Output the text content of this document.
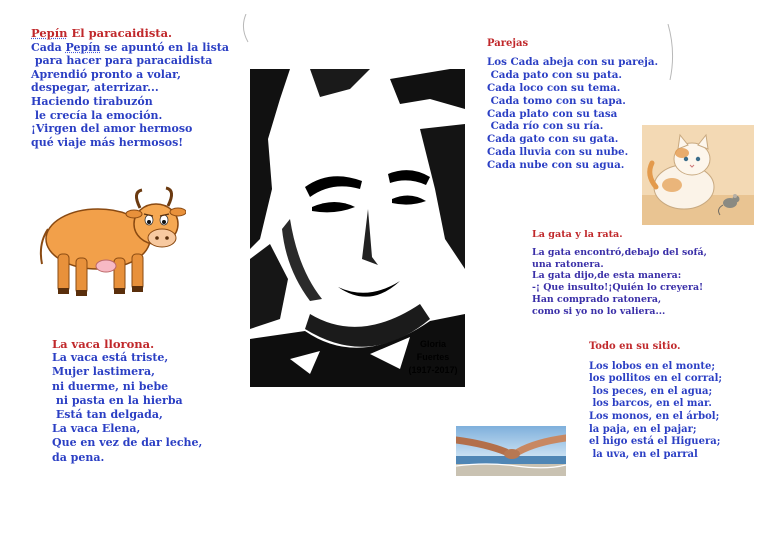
Pepín El paracaidista.
Cada Pepín se apuntó en la lista
para hacer para paracaidista
Aprendió pronto a volar,
despegar, aterrizar...
Haciendo tirabuzón
le crecía la emoción.
¡Virgen del amor hermoso
qué viaje más hermosos!
Parejas
Los Cada abeja con su pareja.
Cada pato con su pata.
Cada loco con su tema.
Cada tomo con su tapa.
Cada plato con su tasa
Cada río con su ría.
Cada gato con su gata.
Cada lluvia con su nube.
Cada nube con su agua.
La gata y la rata.
La gata encontró,debajo del sofá,
una ratonera.
La gata dijo,de esta manera:
-¡ Que insulto!¡Quién lo creyera!
Han comprado ratonera,
como si yo no lo valiera...
La vaca llorona.
La vaca está triste,
Mujer lastimera,
ni duerme, ni bebe
ni pasta en la hierba
Está tan delgada,
La vaca Elena,
Que en vez de dar leche,
da pena.
Todo en su sitio.
Los lobos en el monte;
los pollitos en el corral;
los peces, en el agua;
los barcos, en el mar.
Los monos, en el árbol;
la paja, en el pajar;
el higo está el Higuera;
la uva, en el parral
Gloria
Fuertes
(1917-2017)
